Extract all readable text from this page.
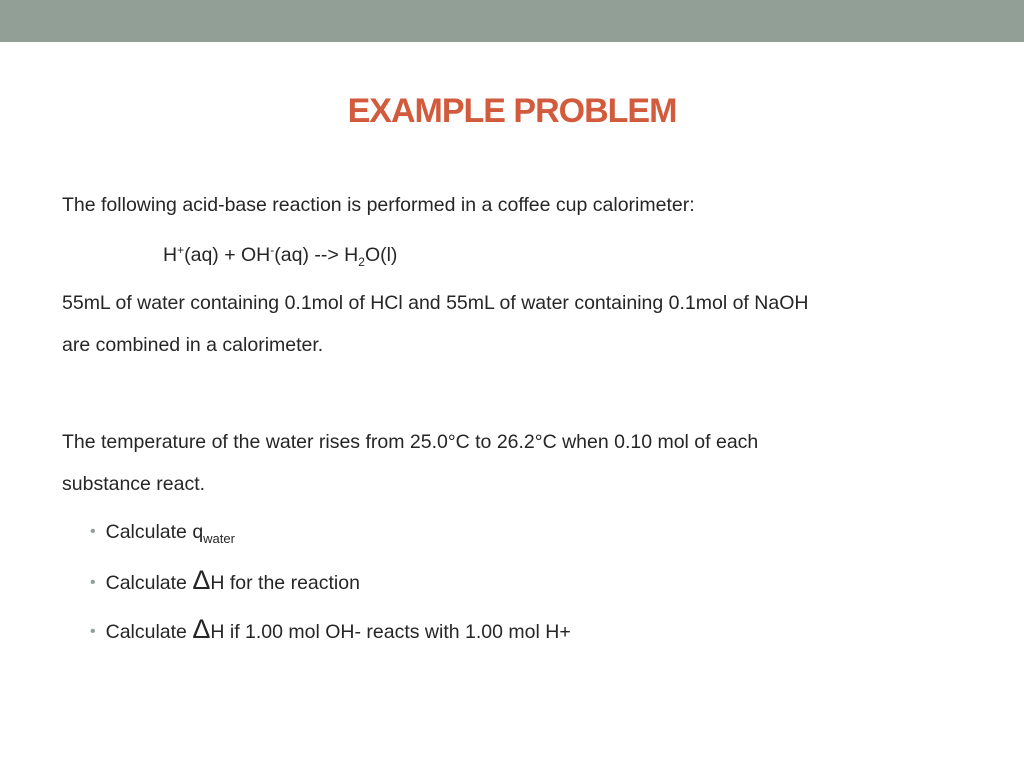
EXAMPLE PROBLEM
The following acid-base reaction is performed in a coffee cup calorimeter:
H+(aq) + OH-(aq) --> $H_2O(l)$
55mL of water containing 0.1mol of HCl and 55mL of water containing 0.1mol of NaOH
are combined in a calorimeter.
The temperature of the water rises from 25.0°C to 26.2°C when 0.10 mol of each
substance react.
• Calculate $q_{water}$
• Calculate ΔH for the reaction
• Calculate ΔH if 1.00 mol OH- reacts with 1.00 mol H+
